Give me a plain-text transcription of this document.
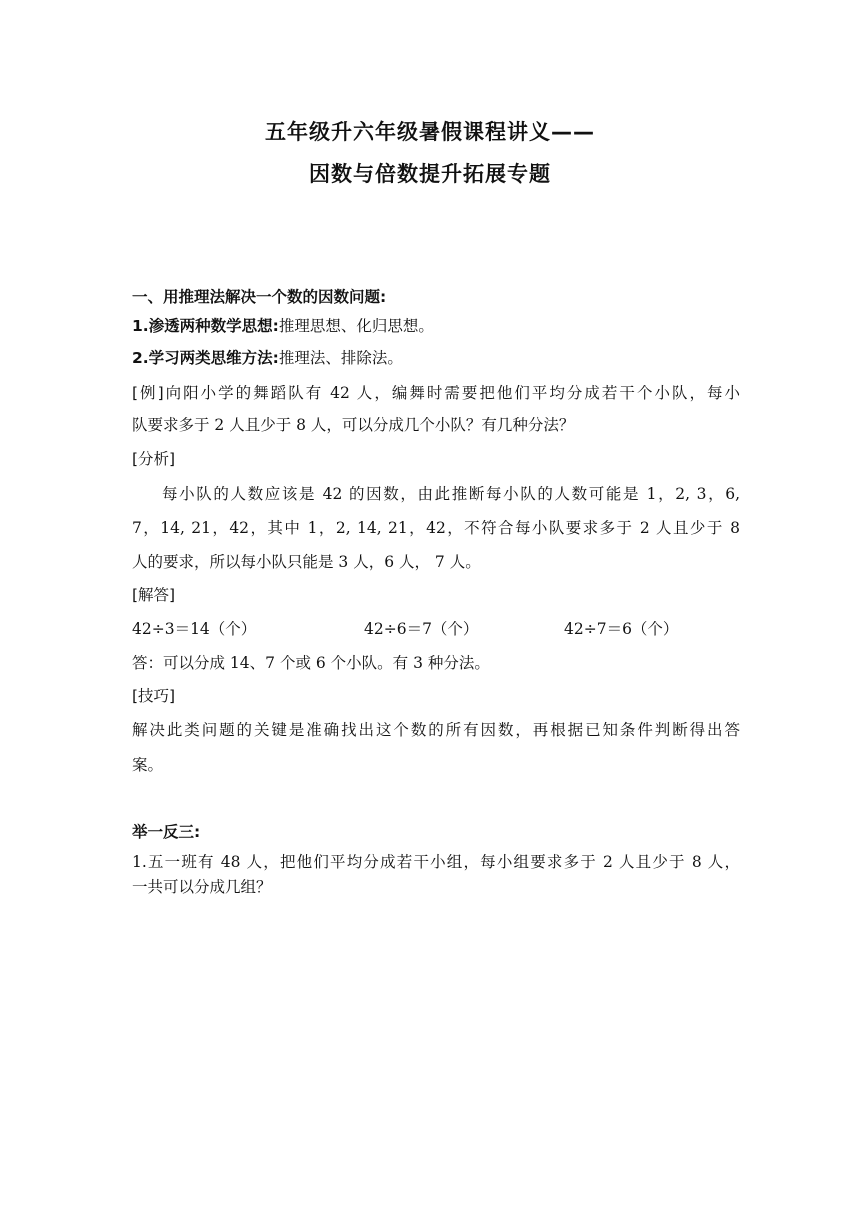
五年级升六年级暑假课程讲义——
因数与倍数提升拓展专题
一、用推理法解决一个数的因数问题:
1.渗透两种数学思想:推理思想、化归思想。
2.学习两类思维方法:推理法、排除法。
[例]向阳小学的舞蹈队有 42 人，编舞时需要把他们平均分成若干个小队，每小
队要求多于 2 人且少于 8 人，可以分成几个小队？有几种分法？
[分析]
每小队的人数应该是 42 的因数，由此推断每小队的人数可能是 1，2, 3，6,
7，14, 21，42，其中 1，2, 14, 21，42，不符合每小队要求多于 2 人且少于 8
人的要求，所以每小队只能是 3 人，6 人， 7 人。
[解答]
42÷3＝14（个）	42÷6＝7（个）	42÷7＝6（个）
答：可以分成 14、7 个或 6 个小队。有 3 种分法。
[技巧]
解决此类问题的关键是准确找出这个数的所有因数，再根据已知条件判断得出答
案。
举一反三:
1.五一班有 48 人，把他们平均分成若干小组，每小组要求多于 2 人且少于 8 人，
一共可以分成几组？
